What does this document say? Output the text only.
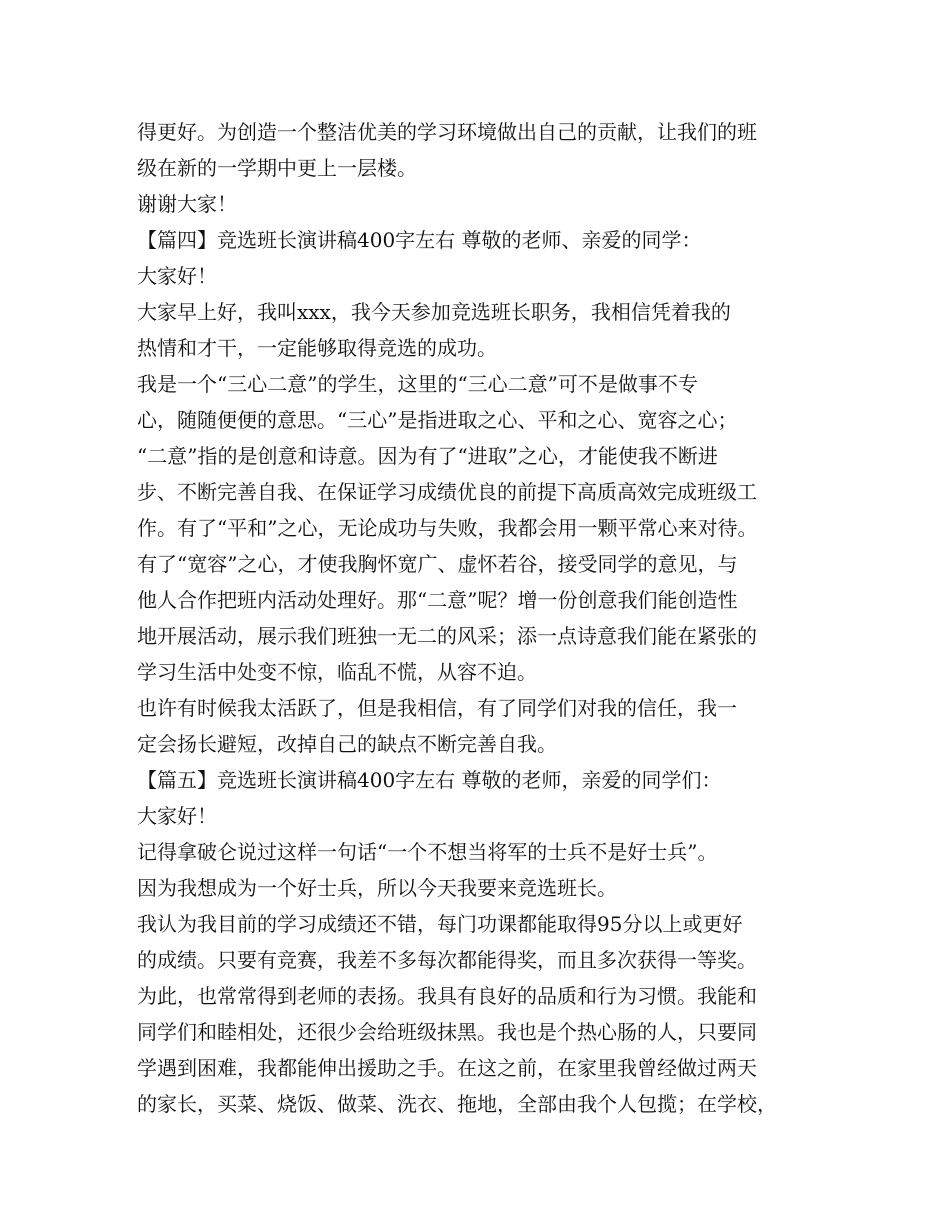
得更好。为创造一个整洁优美的学习环境做出自己的贡献，让我们的班
级在新的一学期中更上一层楼。
谢谢大家！
【篇四】竞选班长演讲稿400字左右 尊敬的老师、亲爱的同学：
大家好！
大家早上好，我叫xxx，我今天参加竞选班长职务，我相信凭着我的
热情和才干，一定能够取得竞选的成功。
我是一个“三心二意”的学生，这里的“三心二意”可不是做事不专
心，随随便便的意思。“三心”是指进取之心、平和之心、宽容之心；
“二意”指的是创意和诗意。因为有了“进取”之心，才能使我不断进
步、不断完善自我、在保证学习成绩优良的前提下高质高效完成班级工
作。有了“平和”之心，无论成功与失败，我都会用一颗平常心来对待。
有了“宽容”之心，才使我胸怀宽广、虚怀若谷，接受同学的意见，与
他人合作把班内活动处理好。那“二意”呢？增一份创意我们能创造性
地开展活动，展示我们班独一无二的风采；添一点诗意我们能在紧张的
学习生活中处变不惊，临乱不慌，从容不迫。
也许有时候我太活跃了，但是我相信，有了同学们对我的信任，我一
定会扬长避短，改掉自己的缺点不断完善自我。
【篇五】竞选班长演讲稿400字左右 尊敬的老师，亲爱的同学们：
大家好！
记得拿破仑说过这样一句话“一个不想当将军的士兵不是好士兵”。
因为我想成为一个好士兵，所以今天我要来竞选班长。
我认为我目前的学习成绩还不错，每门功课都能取得95分以上或更好
的成绩。只要有竞赛，我差不多每次都能得奖，而且多次获得一等奖。
为此，也常常得到老师的表扬。我具有良好的品质和行为习惯。我能和
同学们和睦相处，还很少会给班级抹黑。我也是个热心肠的人，只要同
学遇到困难，我都能伸出援助之手。在这之前，在家里我曾经做过两天
的家长，买菜、烧饭、做菜、洗衣、拖地，全部由我个人包揽；在学校，
